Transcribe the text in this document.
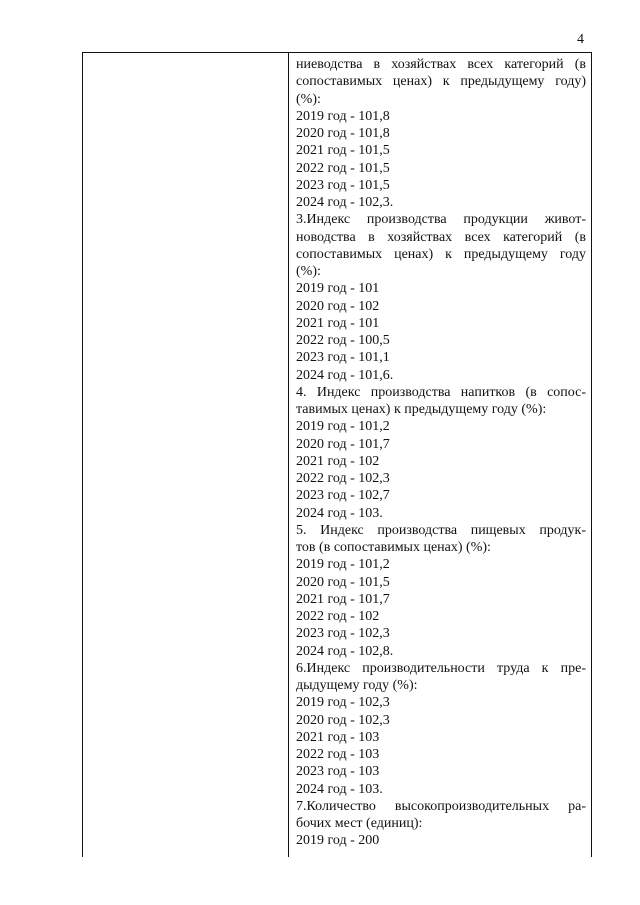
4
ниеводства в хозяйствах всех категорий (в
сопоставимых ценах) к предыдущему году)
(%):
2019 год - 101,8
2020 год - 101,8
2021 год - 101,5
2022 год - 101,5
2023 год - 101,5
2024 год - 102,3.
3.Индекс производства продукции живот-
новодства в хозяйствах всех категорий (в
сопоставимых ценах) к предыдущему году
(%):
2019 год - 101
2020 год - 102
2021 год - 101
2022 год - 100,5
2023 год - 101,1
2024 год - 101,6.
4. Индекс производства напитков (в сопос-
тавимых ценах) к предыдущему году (%):
2019 год - 101,2
2020 год - 101,7
2021 год - 102
2022 год - 102,3
2023 год - 102,7
2024 год - 103.
5. Индекс производства пищевых продук-
тов (в сопоставимых ценах) (%):
2019 год - 101,2
2020 год - 101,5
2021 год - 101,7
2022 год - 102
2023 год - 102,3
2024 год - 102,8.
6.Индекс производительности труда к пре-
дыдущему году (%):
2019 год - 102,3
2020 год - 102,3
2021 год - 103
2022 год - 103
2023 год - 103
2024 год - 103.
7.Количество высокопроизводительных ра-
бочих мест (единиц):
2019 год - 200
